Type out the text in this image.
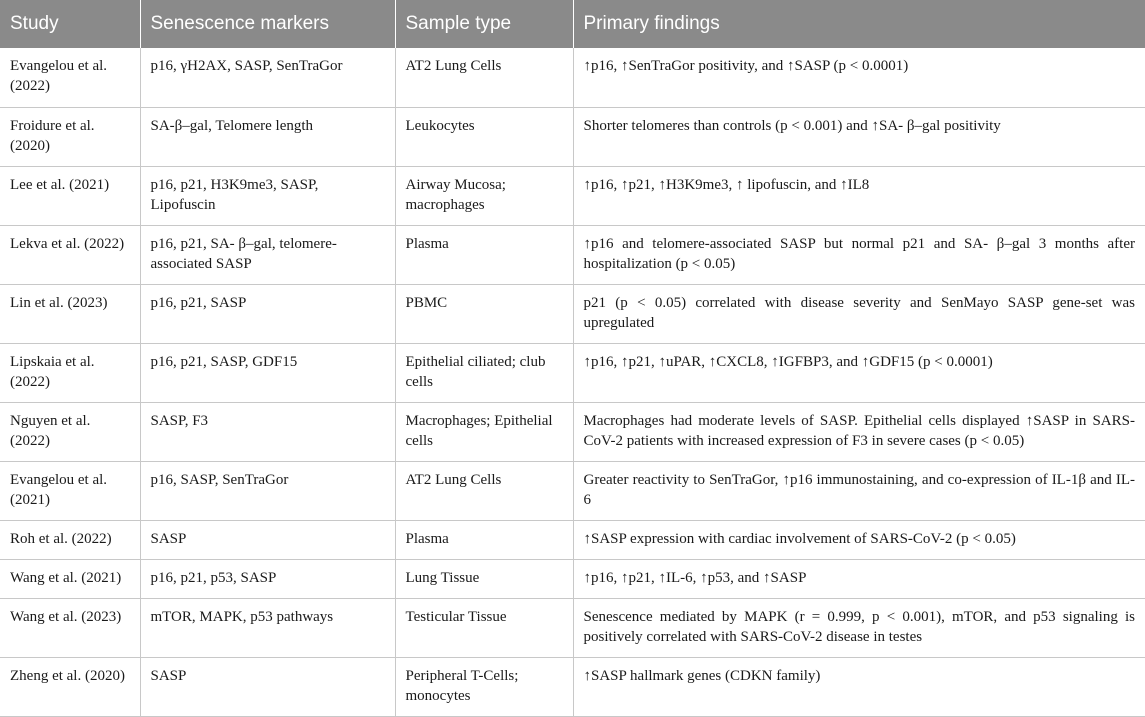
Study	Senescence markers	Sample type	Primary findings
Evangelou et al. (2022)	p16, γH2AX, SASP, SenTraGor	AT2 Lung Cells	↑p16, ↑SenTraGor positivity, and ↑SASP (p < 0.0001)
Froidure et al. (2020)	SA-β–gal, Telomere length	Leukocytes	Shorter telomeres than controls (p < 0.001) and ↑SA- β–gal positivity
Lee et al. (2021)	p16, p21, H3K9me3, SASP, Lipofuscin	Airway Mucosa; macrophages	↑p16, ↑p21, ↑H3K9me3, ↑ lipofuscin, and ↑IL8
Lekva et al. (2022)	p16, p21, SA- β–gal, telomere-associated SASP	Plasma	↑p16 and telomere-associated SASP but normal p21 and SA- β–gal 3 months after hospitalization (p < 0.05)
Lin et al. (2023)	p16, p21, SASP	PBMC	p21 (p < 0.05) correlated with disease severity and SenMayo SASP gene-set was upregulated
Lipskaia et al. (2022)	p16, p21, SASP, GDF15	Epithelial ciliated; club cells	↑p16, ↑p21, ↑uPAR, ↑CXCL8, ↑IGFBP3, and ↑GDF15 (p < 0.0001)
Nguyen et al. (2022)	SASP, F3	Macrophages; Epithelial cells	Macrophages had moderate levels of SASP. Epithelial cells displayed ↑SASP in SARS-CoV-2 patients with increased expression of F3 in severe cases (p < 0.05)
Evangelou et al. (2021)	p16, SASP, SenTraGor	AT2 Lung Cells	Greater reactivity to SenTraGor, ↑p16 immunostaining, and co-expression of IL-1β and IL-6
Roh et al. (2022)	SASP	Plasma	↑SASP expression with cardiac involvement of SARS-CoV-2 (p < 0.05)
Wang et al. (2021)	p16, p21, p53, SASP	Lung Tissue	↑p16, ↑p21, ↑IL-6, ↑p53, and ↑SASP
Wang et al. (2023)	mTOR, MAPK, p53 pathways	Testicular Tissue	Senescence mediated by MAPK (r = 0.999, p < 0.001), mTOR, and p53 signaling is positively correlated with SARS-CoV-2 disease in testes
Zheng et al. (2020)	SASP	Peripheral T-Cells; monocytes	↑SASP hallmark genes (CDKN family)
